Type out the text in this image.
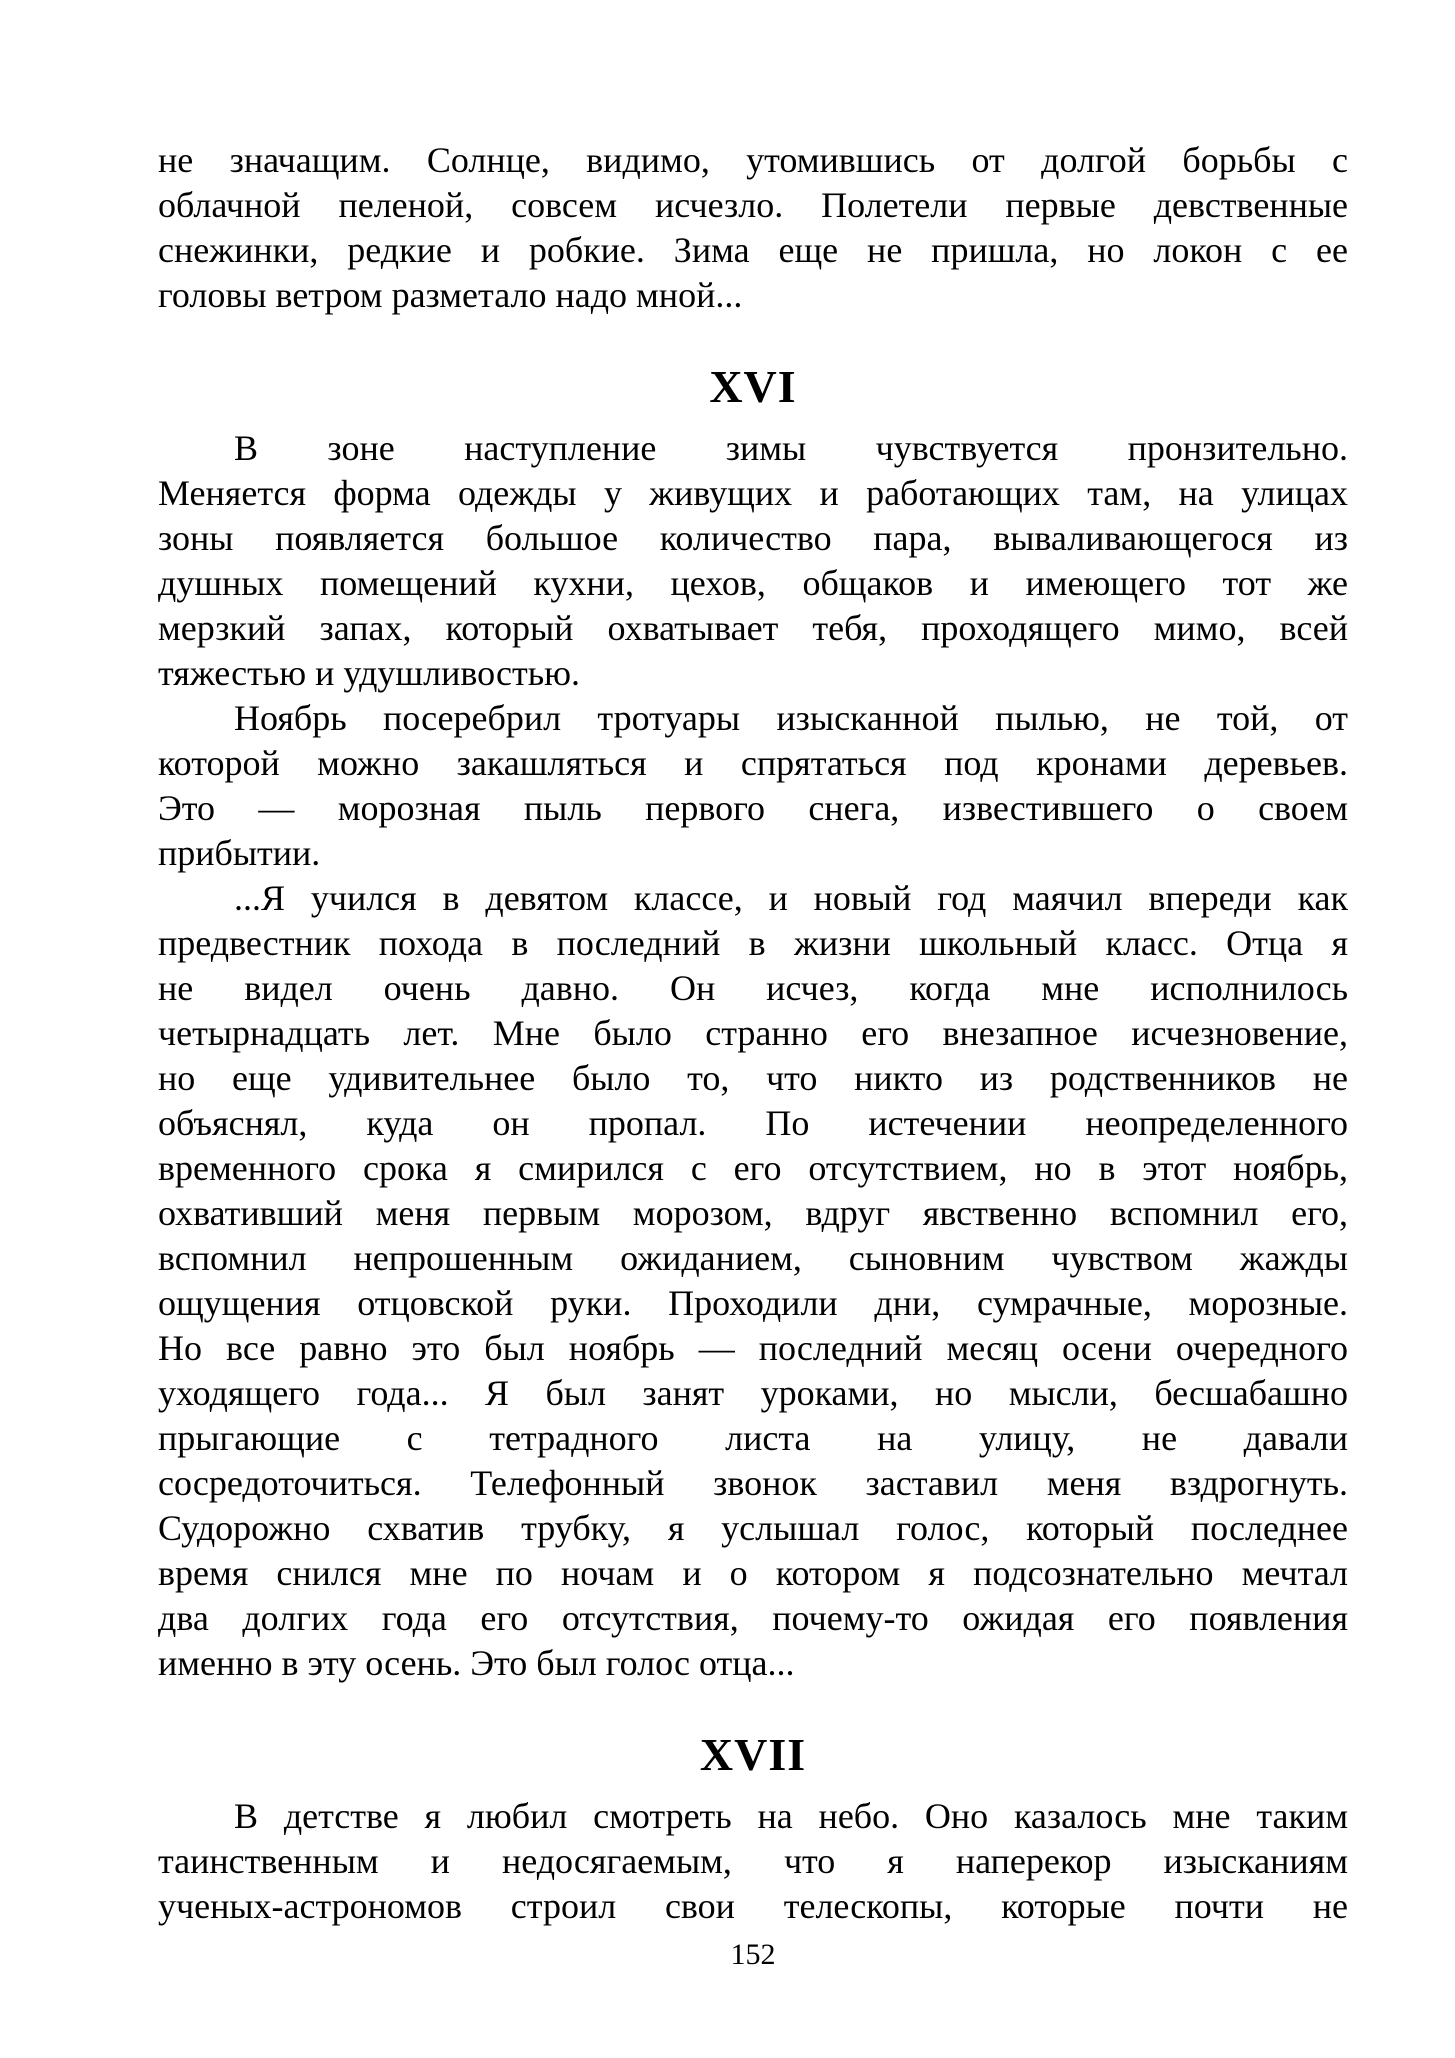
не значащим. Солнце, видимо, утомившись от долгой борьбы с
облачной пеленой, совсем исчезло. Полетели первые девственные
снежинки, редкие и робкие. Зима еще не пришла, но локон с ее
головы ветром разметало надо мной...

XVI

В зоне наступление зимы чувствуется пронзительно.
Меняется форма одежды у живущих и работающих там, на улицах
зоны появляется большое количество пара, вываливающегося из
душных помещений кухни, цехов, общаков и имеющего тот же
мерзкий запах, который охватывает тебя, проходящего мимо, всей
тяжестью и удушливостью.

Ноябрь посеребрил тротуары изысканной пылью, не той, от
которой можно закашляться и спрятаться под кронами деревьев.
Это — морозная пыль первого снега, известившего о своем
прибытии.

...Я учился в девятом классе, и новый год маячил впереди как
предвестник похода в последний в жизни школьный класс. Отца я
не видел очень давно. Он исчез, когда мне исполнилось
четырнадцать лет. Мне было странно его внезапное исчезновение,
но еще удивительнее было то, что никто из родственников не
объяснял, куда он пропал. По истечении неопределенного
временного срока я смирился с его отсутствием, но в этот ноябрь,
охвативший меня первым морозом, вдруг явственно вспомнил его,
вспомнил непрошенным ожиданием, сыновним чувством жажды
ощущения отцовской руки. Проходили дни, сумрачные, морозные.
Но все равно это был ноябрь — последний месяц осени очередного
уходящего года... Я был занят уроками, но мысли, бесшабашно
прыгающие с тетрадного листа на улицу, не давали
сосредоточиться. Телефонный звонок заставил меня вздрогнуть.
Судорожно схватив трубку, я услышал голос, который последнее
время снился мне по ночам и о котором я подсознательно мечтал
два долгих года его отсутствия, почему-то ожидая его появления
именно в эту осень. Это был голос отца...

XVII

В детстве я любил смотреть на небо. Оно казалось мне таким
таинственным и недосягаемым, что я наперекор изысканиям
ученых-астрономов строил свои телескопы, которые почти не

152
